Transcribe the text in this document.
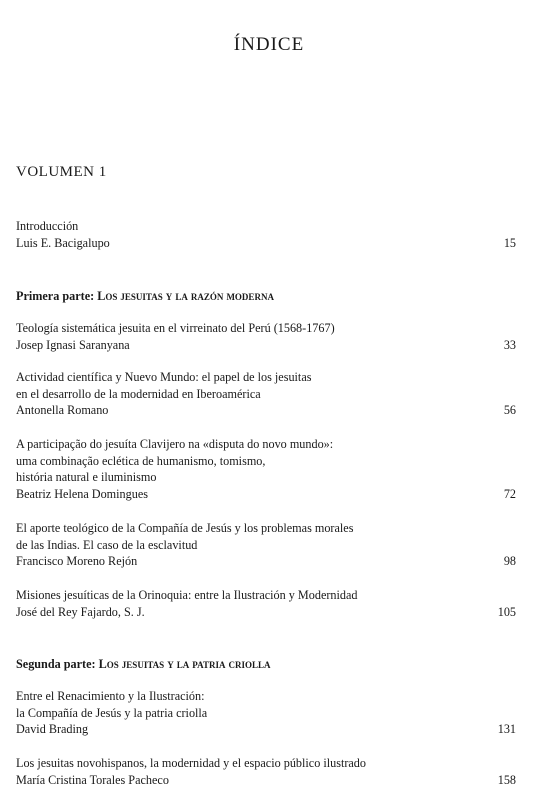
ÍNDICE
VOLUMEN 1
Introducción
Luis E. Bacigalupo	15
Primera parte: Los jesuitas y la razón moderna
Teología sistemática jesuita en el virreinato del Perú (1568-1767)
Josep Ignasi Saranyana	33
Actividad científica y Nuevo Mundo: el papel de los jesuitas
en el desarrollo de la modernidad en Iberoamérica
Antonella Romano	56
A participação do jesuíta Clavijero na «disputa do novo mundo»:
uma combinação eclética de humanismo, tomismo,
história natural e iluminismo
Beatriz Helena Domingues	72
El aporte teológico de la Compañía de Jesús y los problemas morales
de las Indias. El caso de la esclavitud
Francisco Moreno Rejón	98
Misiones jesuíticas de la Orinoquia: entre la Ilustración y Modernidad
José del Rey Fajardo, S. J.	105
Segunda parte: Los jesuitas y la patria criolla
Entre el Renacimiento y la Ilustración:
la Compañía de Jesús y la patria criolla
David Brading	131
Los jesuitas novohispanos, la modernidad y el espacio público ilustrado
María Cristina Torales Pacheco	158
